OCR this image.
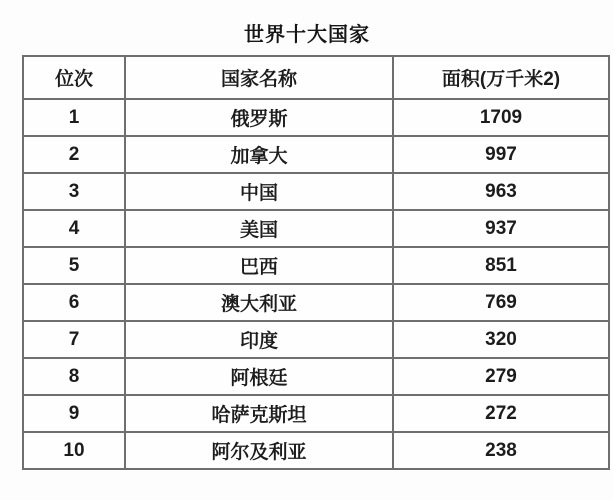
世界十大国家
位次	国家名称	面积(万千米2)
1	俄罗斯	1709
2	加拿大	997
3	中国	963
4	美国	937
5	巴西	851
6	澳大利亚	769
7	印度	320
8	阿根廷	279
9	哈萨克斯坦	272
10	阿尔及利亚	238
